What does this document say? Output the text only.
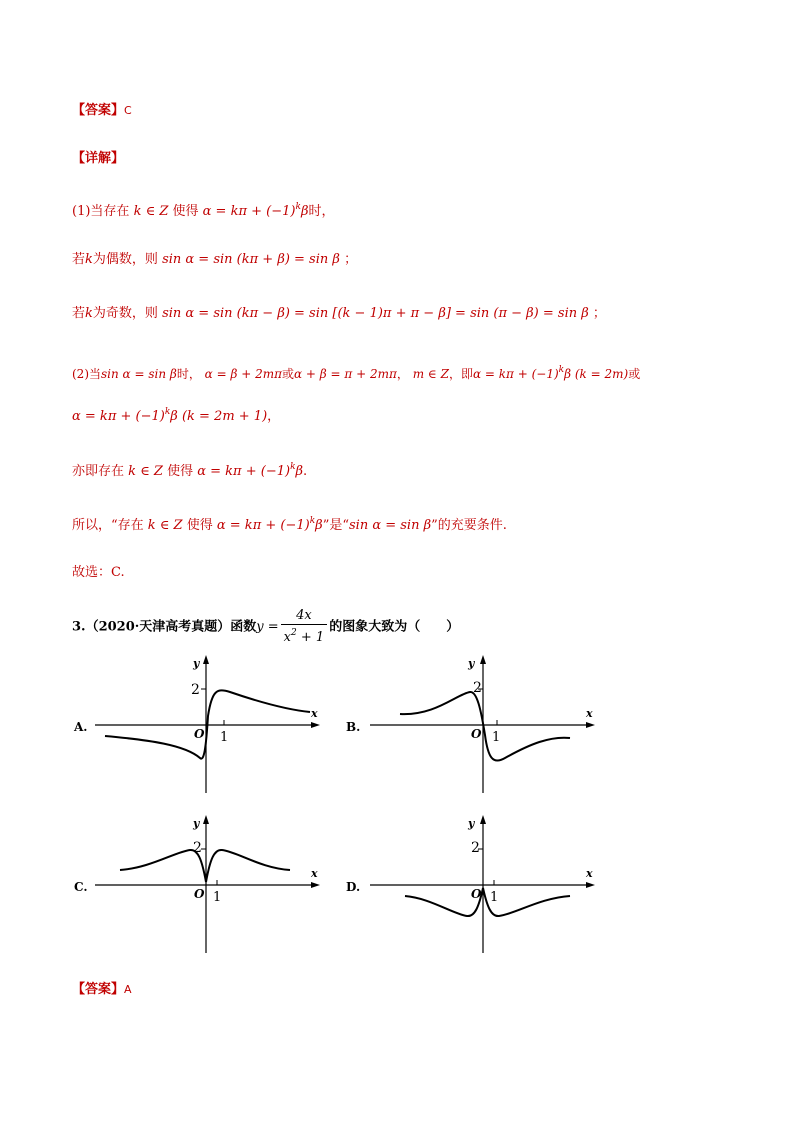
【答案】C
【详解】
(1)当存在 k ∈ Z 使得 $\alpha = k\pi + (-1)^k\beta$时，
若k为偶数，则 sin α = sin (kπ + β) = sin β ；
若k为奇数，则 sin α = sin (kπ − β) = sin [(k − 1)π + π − β] = sin (π − β) = sin β ；
(2)当sin α = sin β时， α = β + 2mπ或α + β = π + 2mπ， m ∈ Z，即$\alpha = k\pi + (-1)^k\beta$ (k = 2m)或
$\alpha = k\pi + (-1)^k\beta$ (k = 2m + 1)，
亦即存在 k ∈ Z 使得 $\alpha = k\pi + (-1)^k\beta$.
所以，“存在 k ∈ Z 使得 $\alpha = k\pi + (-1)^k\beta$”是“sin α = sin β”的充要条件.
故选：C.
3.（2020·天津高考真题）函数$y = \frac{4x}{x^2 + 1}$ 的图象大致为（　　）
A.
y
x
2
1
O	B.
y
x
2
1
O
C.
y
x
2
1
O	D.
y
x
2
1
O
【答案】A
